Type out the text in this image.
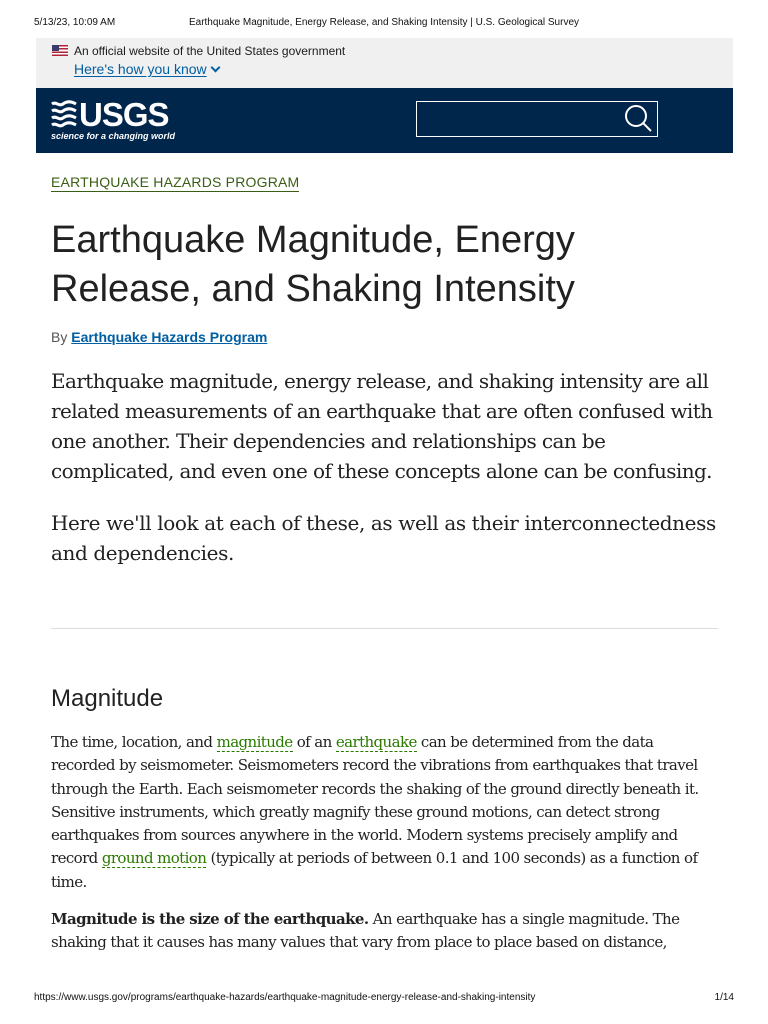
5/13/23, 10:09 AM	Earthquake Magnitude, Energy Release, and Shaking Intensity | U.S. Geological Survey
An official website of the United States government
Here's how you know
USGS
science for a changing world
EARTHQUAKE HAZARDS PROGRAM
Earthquake Magnitude, Energy Release, and Shaking Intensity
By Earthquake Hazards Program

Earthquake magnitude, energy release, and shaking intensity are all related measurements of an earthquake that are often confused with one another. Their dependencies and relationships can be complicated, and even one of these concepts alone can be confusing.

Here we'll look at each of these, as well as their interconnectedness and dependencies.

Magnitude

The time, location, and magnitude of an earthquake can be determined from the data recorded by seismometer. Seismometers record the vibrations from earthquakes that travel through the Earth. Each seismometer records the shaking of the ground directly beneath it. Sensitive instruments, which greatly magnify these ground motions, can detect strong earthquakes from sources anywhere in the world. Modern systems precisely amplify and record ground motion (typically at periods of between 0.1 and 100 seconds) as a function of time.

Magnitude is the size of the earthquake. An earthquake has a single magnitude. The shaking that it causes has many values that vary from place to place based on distance,

https://www.usgs.gov/programs/earthquake-hazards/earthquake-magnitude-energy-release-and-shaking-intensity	1/14
